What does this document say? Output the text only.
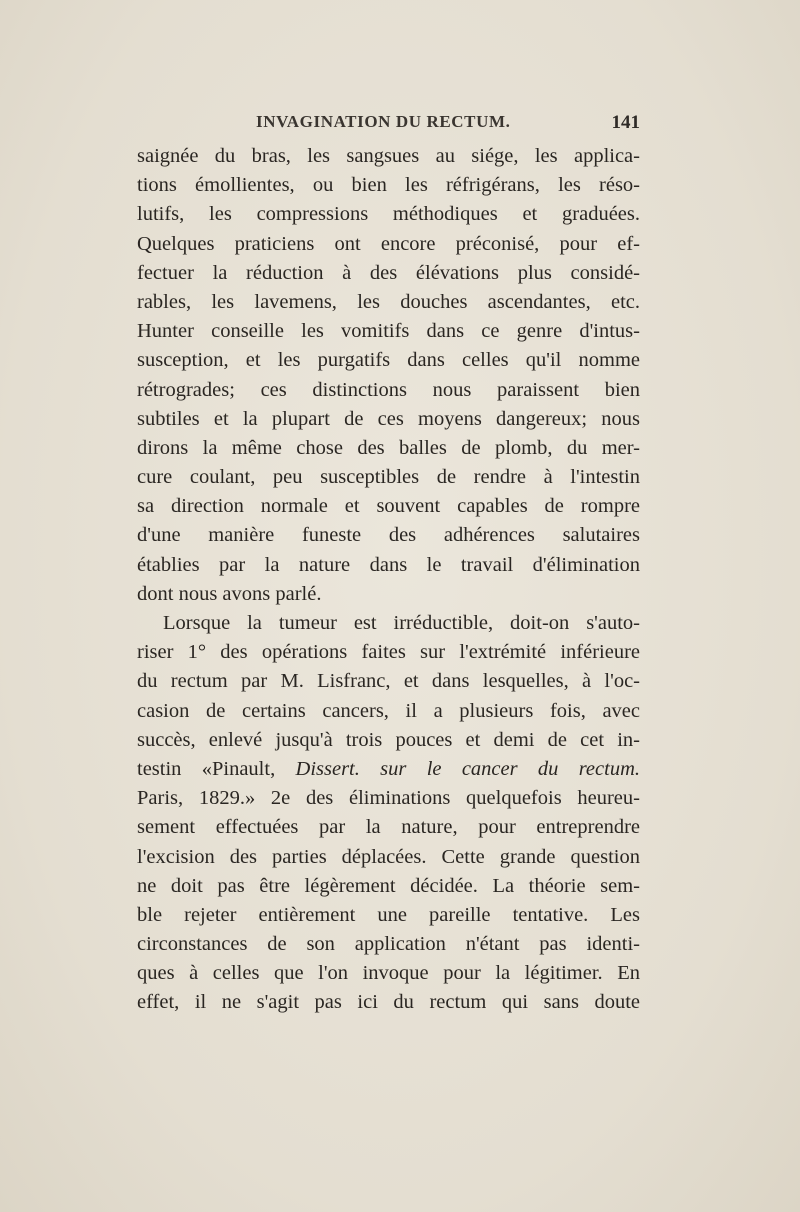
INVAGINATION DU RECTUM.	141
saignée du bras, les sangsues au siége, les applica-
tions émollientes, ou bien les réfrigérans, les réso-
lutifs, les compressions méthodiques et graduées.
Quelques praticiens ont encore préconisé, pour ef-
fectuer la réduction à des élévations plus considé-
rables, les lavemens, les douches ascendantes, etc.
Hunter conseille les vomitifs dans ce genre d'intus-
susception, et les purgatifs dans celles qu'il nomme
rétrogrades; ces distinctions nous paraissent bien
subtiles et la plupart de ces moyens dangereux; nous
dirons la même chose des balles de plomb, du mer-
cure coulant, peu susceptibles de rendre à l'intestin
sa direction normale et souvent capables de rompre
d'une manière funeste des adhérences salutaires
établies par la nature dans le travail d'élimination
dont nous avons parlé.
Lorsque la tumeur est irréductible, doit-on s'auto-
riser 1° des opérations faites sur l'extrémité inférieure
du rectum par M. Lisfranc, et dans lesquelles, à l'oc-
casion de certains cancers, il a plusieurs fois, avec
succès, enlevé jusqu'à trois pouces et demi de cet in-
testin «Pinault, Dissert. sur le cancer du rectum.
Paris, 1829.» 2e des éliminations quelquefois heureu-
sement effectuées par la nature, pour entreprendre
l'excision des parties déplacées. Cette grande question
ne doit pas être légèrement décidée. La théorie sem-
ble rejeter entièrement une pareille tentative. Les
circonstances de son application n'étant pas identi-
ques à celles que l'on invoque pour la légitimer. En
effet, il ne s'agit pas ici du rectum qui sans doute
